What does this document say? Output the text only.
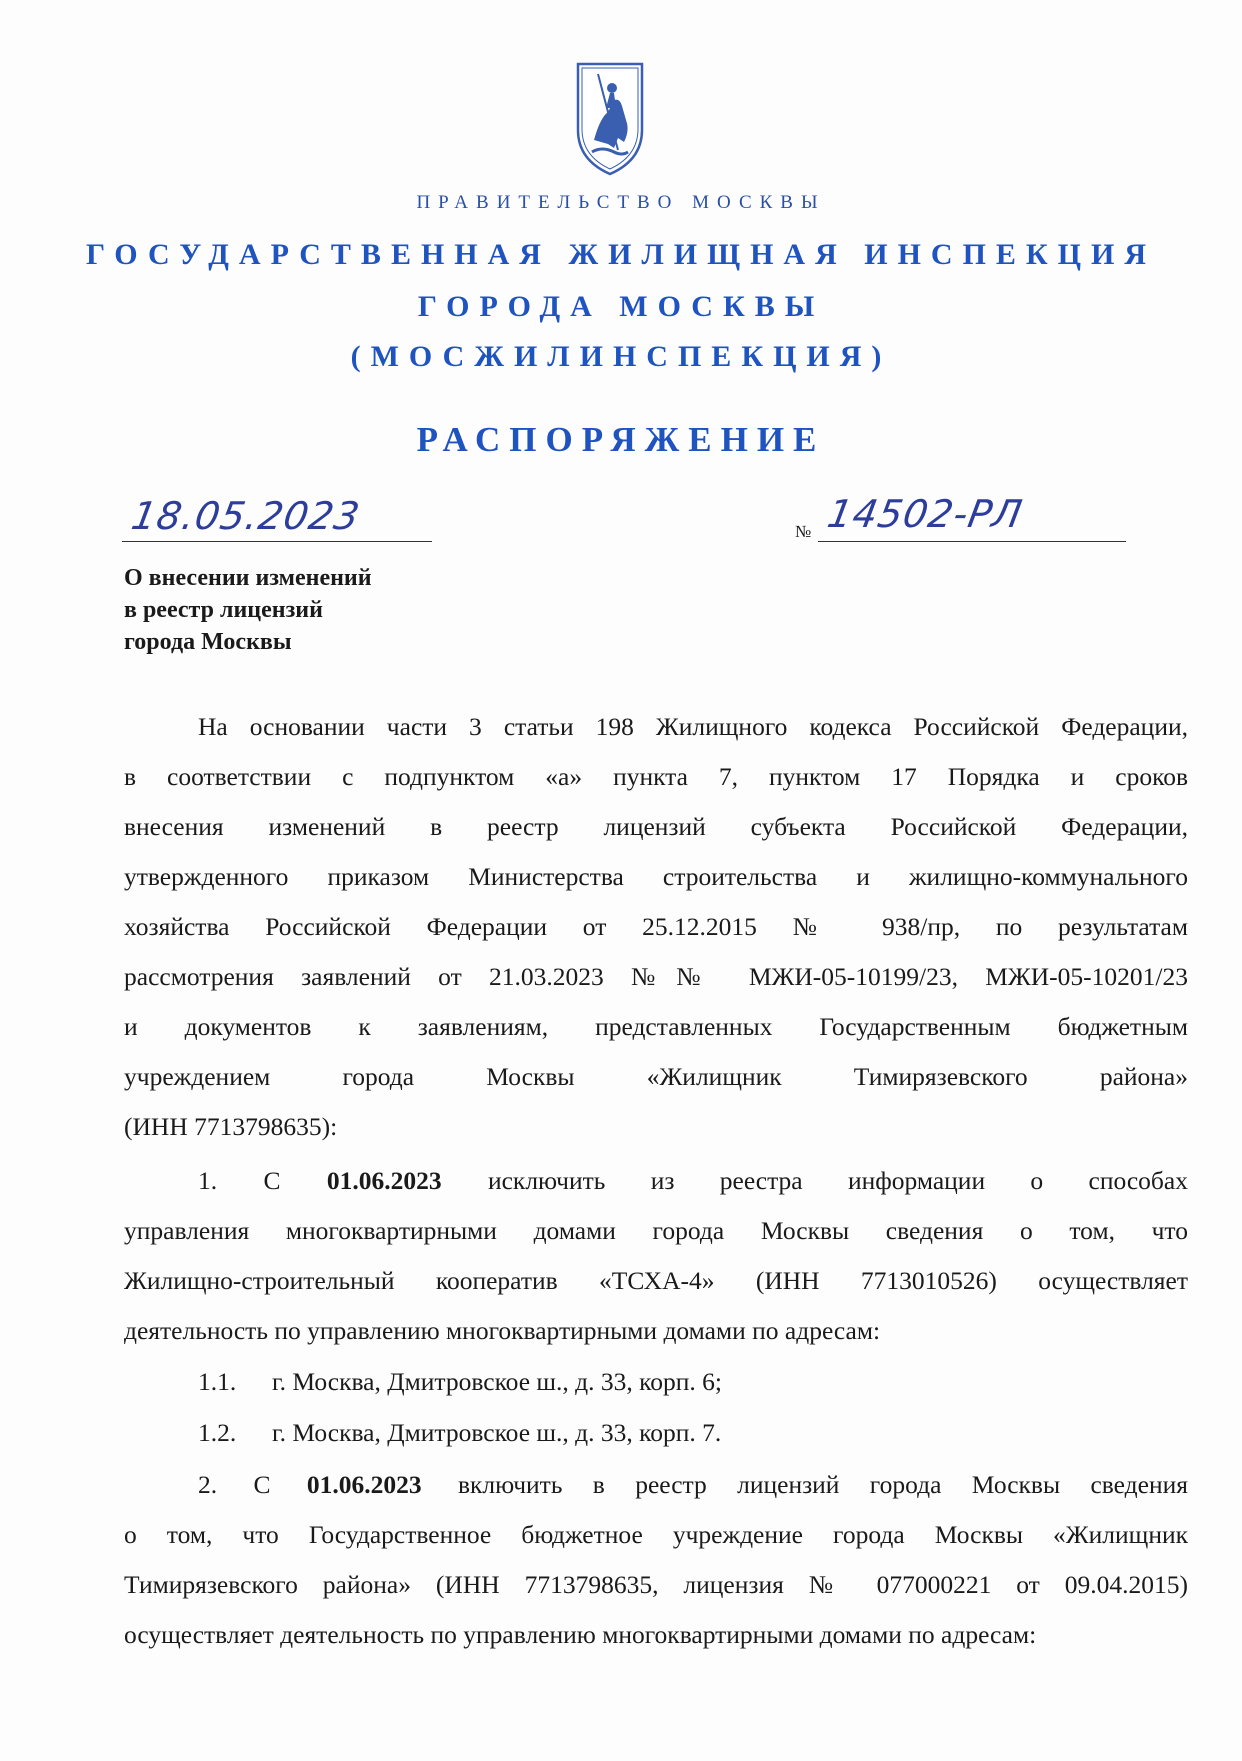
ПРАВИТЕЛЬСТВО МОСКВЫ
ГОСУДАРСТВЕННАЯ ЖИЛИЩНАЯ ИНСПЕКЦИЯ
ГОРОДА МОСКВЫ
(МОСЖИЛИНСПЕКЦИЯ)
РАСПОРЯЖЕНИЕ
18.05.2023	№ 14502-РЛ
О внесении изменений
в реестр лицензий
города Москвы
На основании части 3 статьи 198 Жилищного кодекса Российской Федерации,
в соответствии с подпунктом «а» пункта 7, пунктом 17 Порядка и сроков
внесения изменений в реестр лицензий субъекта Российской Федерации,
утвержденного приказом Министерства строительства и жилищно-коммунального
хозяйства Российской Федерации от 25.12.2015 № 938/пр, по результатам
рассмотрения заявлений от 21.03.2023 №№ МЖИ-05-10199/23, МЖИ-05-10201/23
и документов к заявлениям, представленных Государственным бюджетным
учреждением города Москвы «Жилищник Тимирязевского района»
(ИНН 7713798635):
1. С 01.06.2023 исключить из реестра информации о способах
управления многоквартирными домами города Москвы сведения о том, что
Жилищно-строительный кооператив «ТСХА-4» (ИНН 7713010526) осуществляет
деятельность по управлению многоквартирными домами по адресам:
1.1. г. Москва, Дмитровское ш., д. 33, корп. 6;
1.2. г. Москва, Дмитровское ш., д. 33, корп. 7.
2. С 01.06.2023 включить в реестр лицензий города Москвы сведения
о том, что Государственное бюджетное учреждение города Москвы «Жилищник
Тимирязевского района» (ИНН 7713798635, лицензия № 077000221 от 09.04.2015)
осуществляет деятельность по управлению многоквартирными домами по адресам:
